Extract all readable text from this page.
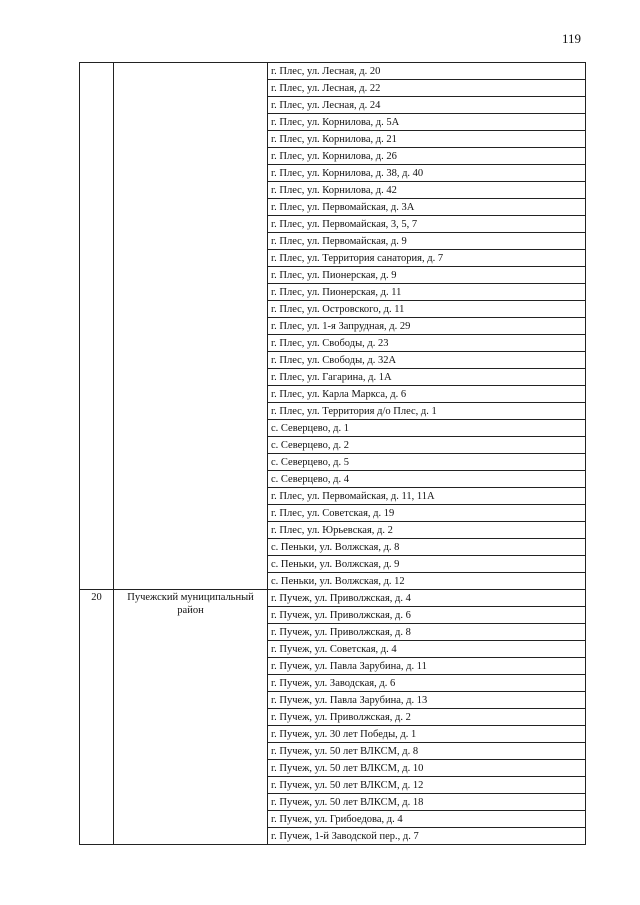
119
		г. Плес, ул. Лесная, д. 20
		г. Плес, ул. Лесная, д. 22
		г. Плес, ул. Лесная, д. 24
		г. Плес, ул. Корнилова, д. 5А
		г. Плес, ул. Корнилова, д. 21
		г. Плес, ул. Корнилова, д. 26
		г. Плес, ул. Корнилова, д. 38, д. 40
		г. Плес, ул. Корнилова, д. 42
		г. Плес, ул. Первомайская, д. 3А
		г. Плес, ул. Первомайская, 3, 5, 7
		г. Плес, ул. Первомайская, д. 9
		г. Плес, ул. Территория санатория, д. 7
		г. Плес, ул. Пионерская, д. 9
		г. Плес, ул. Пионерская, д. 11
		г. Плес, ул. Островского, д. 11
		г. Плес, ул. 1-я Запрудная, д. 29
		г. Плес, ул. Свободы, д. 23
		г. Плес, ул. Свободы, д. 32А
		г. Плес, ул. Гагарина, д. 1А
		г. Плес, ул. Карла Маркса, д. 6
		г. Плес, ул. Территория д/о Плес, д. 1
		с. Северцево, д. 1
		с. Северцево, д. 2
		с. Северцево, д. 5
		с. Северцево, д. 4
		г. Плес, ул. Первомайская, д. 11, 11А
		г. Плес, ул. Советская, д. 19
		г. Плес, ул. Юрьевская, д. 2
		с. Пеньки, ул. Волжская, д. 8
		с. Пеньки, ул. Волжская, д. 9
		с. Пеньки, ул. Волжская, д. 12
20	Пучежский муниципальный район	г. Пучеж, ул. Приволжская, д. 4
		г. Пучеж, ул. Приволжская, д. 6
		г. Пучеж, ул. Приволжская, д. 8
		г. Пучеж, ул. Советская, д. 4
		г. Пучеж, ул. Павла Зарубина, д. 11
		г. Пучеж, ул. Заводская, д. 6
		г. Пучеж, ул. Павла Зарубина, д. 13
		г. Пучеж, ул. Приволжская, д. 2
		г. Пучеж, ул. 30 лет Победы, д. 1
		г. Пучеж, ул. 50 лет ВЛКСМ, д. 8
		г. Пучеж, ул. 50 лет ВЛКСМ, д. 10
		г. Пучеж, ул. 50 лет ВЛКСМ, д. 12
		г. Пучеж, ул. 50 лет ВЛКСМ, д. 18
		г. Пучеж, ул. Грибоедова, д. 4
		г. Пучеж, 1-й Заводской пер., д. 7
